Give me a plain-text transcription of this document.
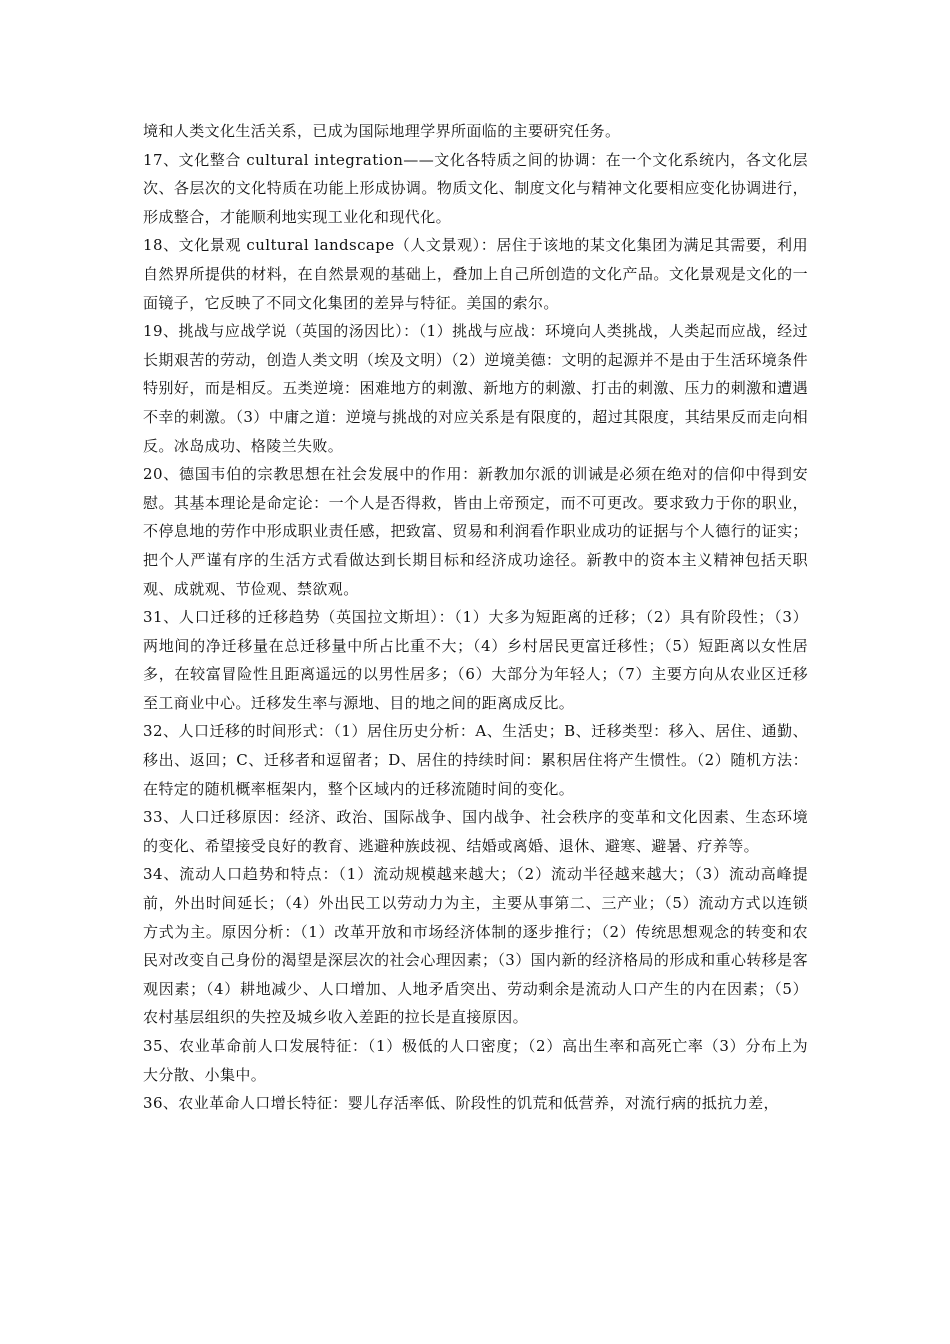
境和人类文化生活关系，已成为国际地理学界所面临的主要研究任务。

17、文化整合 cultural integration——文化各特质之间的协调：在一个文化系统内，各文化层次、各层次的文化特质在功能上形成协调。物质文化、制度文化与精神文化要相应变化协调进行，形成整合，才能顺利地实现工业化和现代化。

18、文化景观 cultural landscape（人文景观）：居住于该地的某文化集团为满足其需要，利用自然界所提供的材料，在自然景观的基础上，叠加上自己所创造的文化产品。文化景观是文化的一面镜子，它反映了不同文化集团的差异与特征。美国的索尔。

19、挑战与应战学说（英国的汤因比）：（1）挑战与应战：环境向人类挑战，人类起而应战，经过长期艰苦的劳动，创造人类文明（埃及文明）（2）逆境美德：文明的起源并不是由于生活环境条件特别好，而是相反。五类逆境：困难地方的刺激、新地方的刺激、打击的刺激、压力的刺激和遭遇不幸的刺激。（3）中庸之道：逆境与挑战的对应关系是有限度的，超过其限度，其结果反而走向相反。冰岛成功、格陵兰失败。

20、德国韦伯的宗教思想在社会发展中的作用：新教加尔派的训诫是必须在绝对的信仰中得到安慰。其基本理论是命定论：一个人是否得救，皆由上帝预定，而不可更改。要求致力于你的职业，不停息地的劳作中形成职业责任感，把致富、贸易和利润看作职业成功的证据与个人德行的证实；把个人严谨有序的生活方式看做达到长期目标和经济成功途径。新教中的资本主义精神包括天职观、成就观、节俭观、禁欲观。

31、人口迁移的迁移趋势（英国拉文斯坦）：（1）大多为短距离的迁移；（2）具有阶段性；（3）两地间的净迁移量在总迁移量中所占比重不大；（4）乡村居民更富迁移性；（5）短距离以女性居多，在较富冒险性且距离遥远的以男性居多；（6）大部分为年轻人；（7）主要方向从农业区迁移至工商业中心。迁移发生率与源地、目的地之间的距离成反比。

32、人口迁移的时间形式：（1）居住历史分析：A、生活史；B、迁移类型：移入、居住、通勤、移出、返回；C、迁移者和逗留者；D、居住的持续时间：累积居住将产生惯性。（2）随机方法：在特定的随机概率框架内，整个区域内的迁移流随时间的变化。

33、人口迁移原因：经济、政治、国际战争、国内战争、社会秩序的变革和文化因素、生态环境的变化、希望接受良好的教育、逃避种族歧视、结婚或离婚、退休、避寒、避暑、疗养等。

34、流动人口趋势和特点：（1）流动规模越来越大；（2）流动半径越来越大；（3）流动高峰提前，外出时间延长；（4）外出民工以劳动力为主，主要从事第二、三产业；（5）流动方式以连锁方式为主。原因分析：（1）改革开放和市场经济体制的逐步推行；（2）传统思想观念的转变和农民对改变自己身份的渴望是深层次的社会心理因素；（3）国内新的经济格局的形成和重心转移是客观因素；（4）耕地减少、人口增加、人地矛盾突出、劳动剩余是流动人口产生的内在因素；（5）农村基层组织的失控及城乡收入差距的拉长是直接原因。

35、农业革命前人口发展特征：（1）极低的人口密度；（2）高出生率和高死亡率（3）分布上为大分散、小集中。

36、农业革命人口增长特征：婴儿存活率低、阶段性的饥荒和低营养，对流行病的抵抗力差，
